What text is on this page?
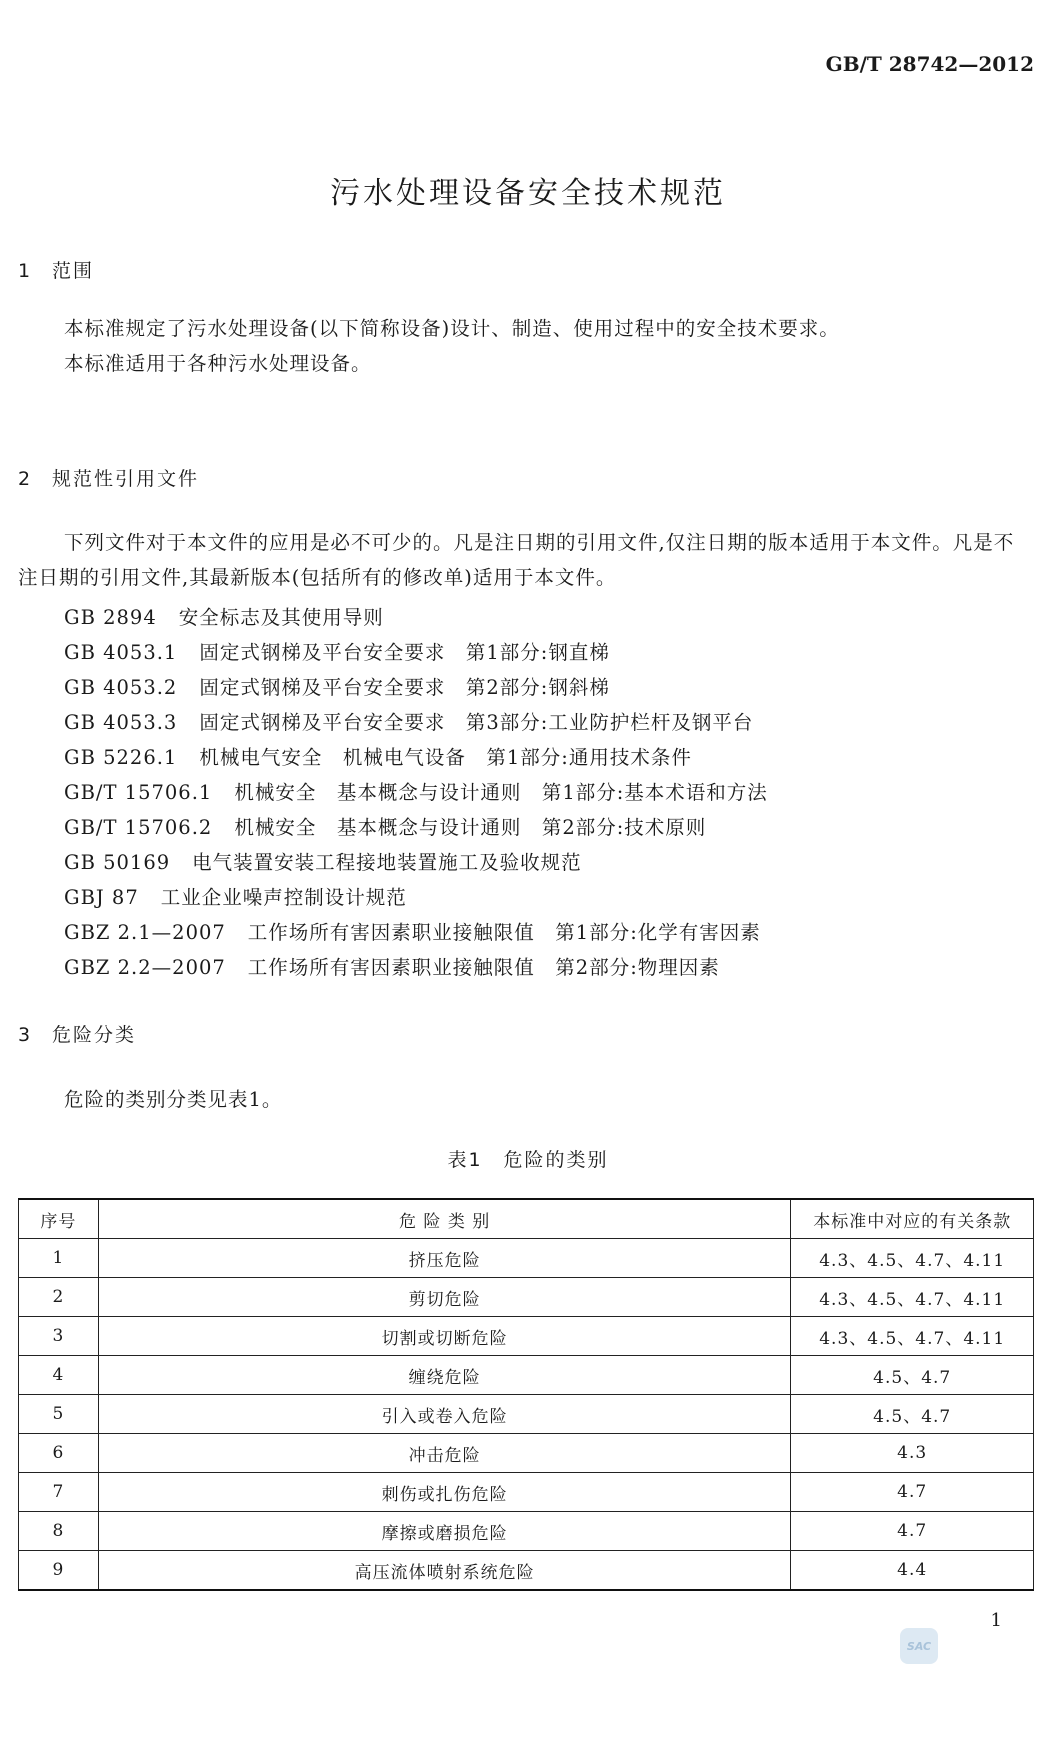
GB/T 28742—2012
污水处理设备安全技术规范
1 范围

本标准规定了污水处理设备(以下简称设备)设计、制造、使用过程中的安全技术要求。

本标准适用于各种污水处理设备。

2 规范性引用文件

下列文件对于本文件的应用是必不可少的。凡是注日期的引用文件,仅注日期的版本适用于本文件。凡是不注日期的引用文件,其最新版本(包括所有的修改单)适用于本文件。

GB 2894 安全标志及其使用导则
GB 4053.1 固定式钢梯及平台安全要求　第1部分:钢直梯
GB 4053.2 固定式钢梯及平台安全要求　第2部分:钢斜梯
GB 4053.3 固定式钢梯及平台安全要求　第3部分:工业防护栏杆及钢平台
GB 5226.1 机械电气安全　机械电气设备　第1部分:通用技术条件
GB/T 15706.1 机械安全　基本概念与设计通则　第1部分:基本术语和方法
GB/T 15706.2 机械安全　基本概念与设计通则　第2部分:技术原则
GB 50169 电气装置安装工程接地装置施工及验收规范
GBJ 87 工业企业噪声控制设计规范
GBZ 2.1—2007 工作场所有害因素职业接触限值　第1部分:化学有害因素
GBZ 2.2—2007 工作场所有害因素职业接触限值　第2部分:物理因素
3 危险分类

危险的类别分类见表1。

表1　危险的类别
序号	危 险 类 别	本标准中对应的有关条款
1	挤压危险	4.3、4.5、4.7、4.11
2	剪切危险	4.3、4.5、4.7、4.11
3	切割或切断危险	4.3、4.5、4.7、4.11
4	缠绕危险	4.5、4.7
5	引入或卷入危险	4.5、4.7
6	冲击危险	4.3
7	刺伤或扎伤危险	4.7
8	摩擦或磨损危险	4.7
9	高压流体喷射系统危险	4.4
1
SAC
